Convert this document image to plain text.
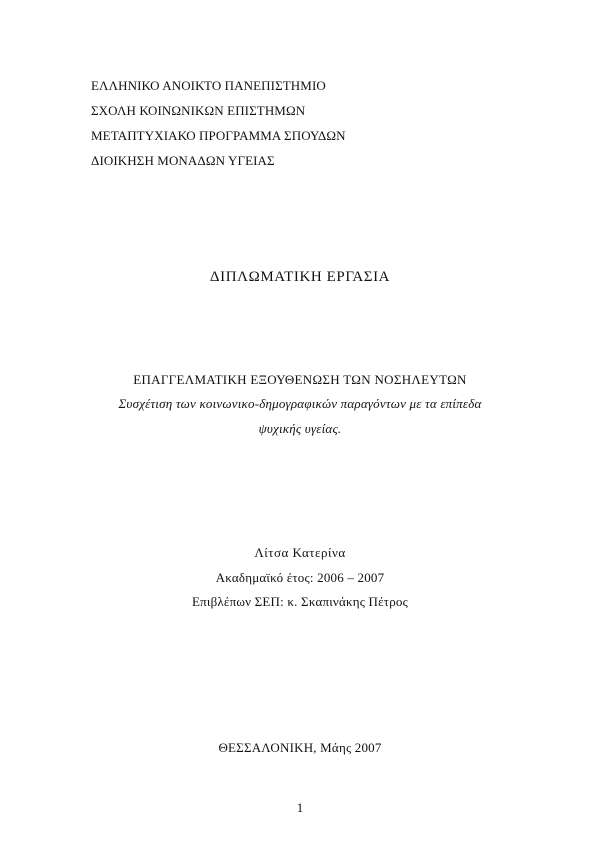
ΕΛΛΗΝΙΚΟ ΑΝΟΙΚΤΟ ΠΑΝΕΠΙΣΤΗΜΙΟ
ΣΧΟΛΗ ΚΟΙΝΩΝΙΚΩΝ ΕΠΙΣΤΗΜΩΝ
ΜΕΤΑΠΤΥΧΙΑΚΟ ΠΡΟΓΡΑΜΜΑ ΣΠΟΥΔΩΝ
ΔΙΟΙΚΗΣΗ ΜΟΝΑΔΩΝ ΥΓΕΙΑΣ
ΔΙΠΛΩΜΑΤΙΚΗ ΕΡΓΑΣΙΑ
ΕΠΑΓΓΕΛΜΑΤΙΚΗ ΕΞΟΥΘΕΝΩΣΗ ΤΩΝ ΝΟΣΗΛΕΥΤΩΝ
Συσχέτιση των κοινωνικο-δημογραφικών παραγόντων με τα επίπεδα
ψυχικής υγείας.
Λίτσα Κατερίνα
Ακαδημαϊκό έτος: 2006 – 2007
Επιβλέπων ΣΕΠ: κ. Σκαπινάκης Πέτρος
ΘΕΣΣΑΛΟΝΙΚΗ, Μάης 2007
1
